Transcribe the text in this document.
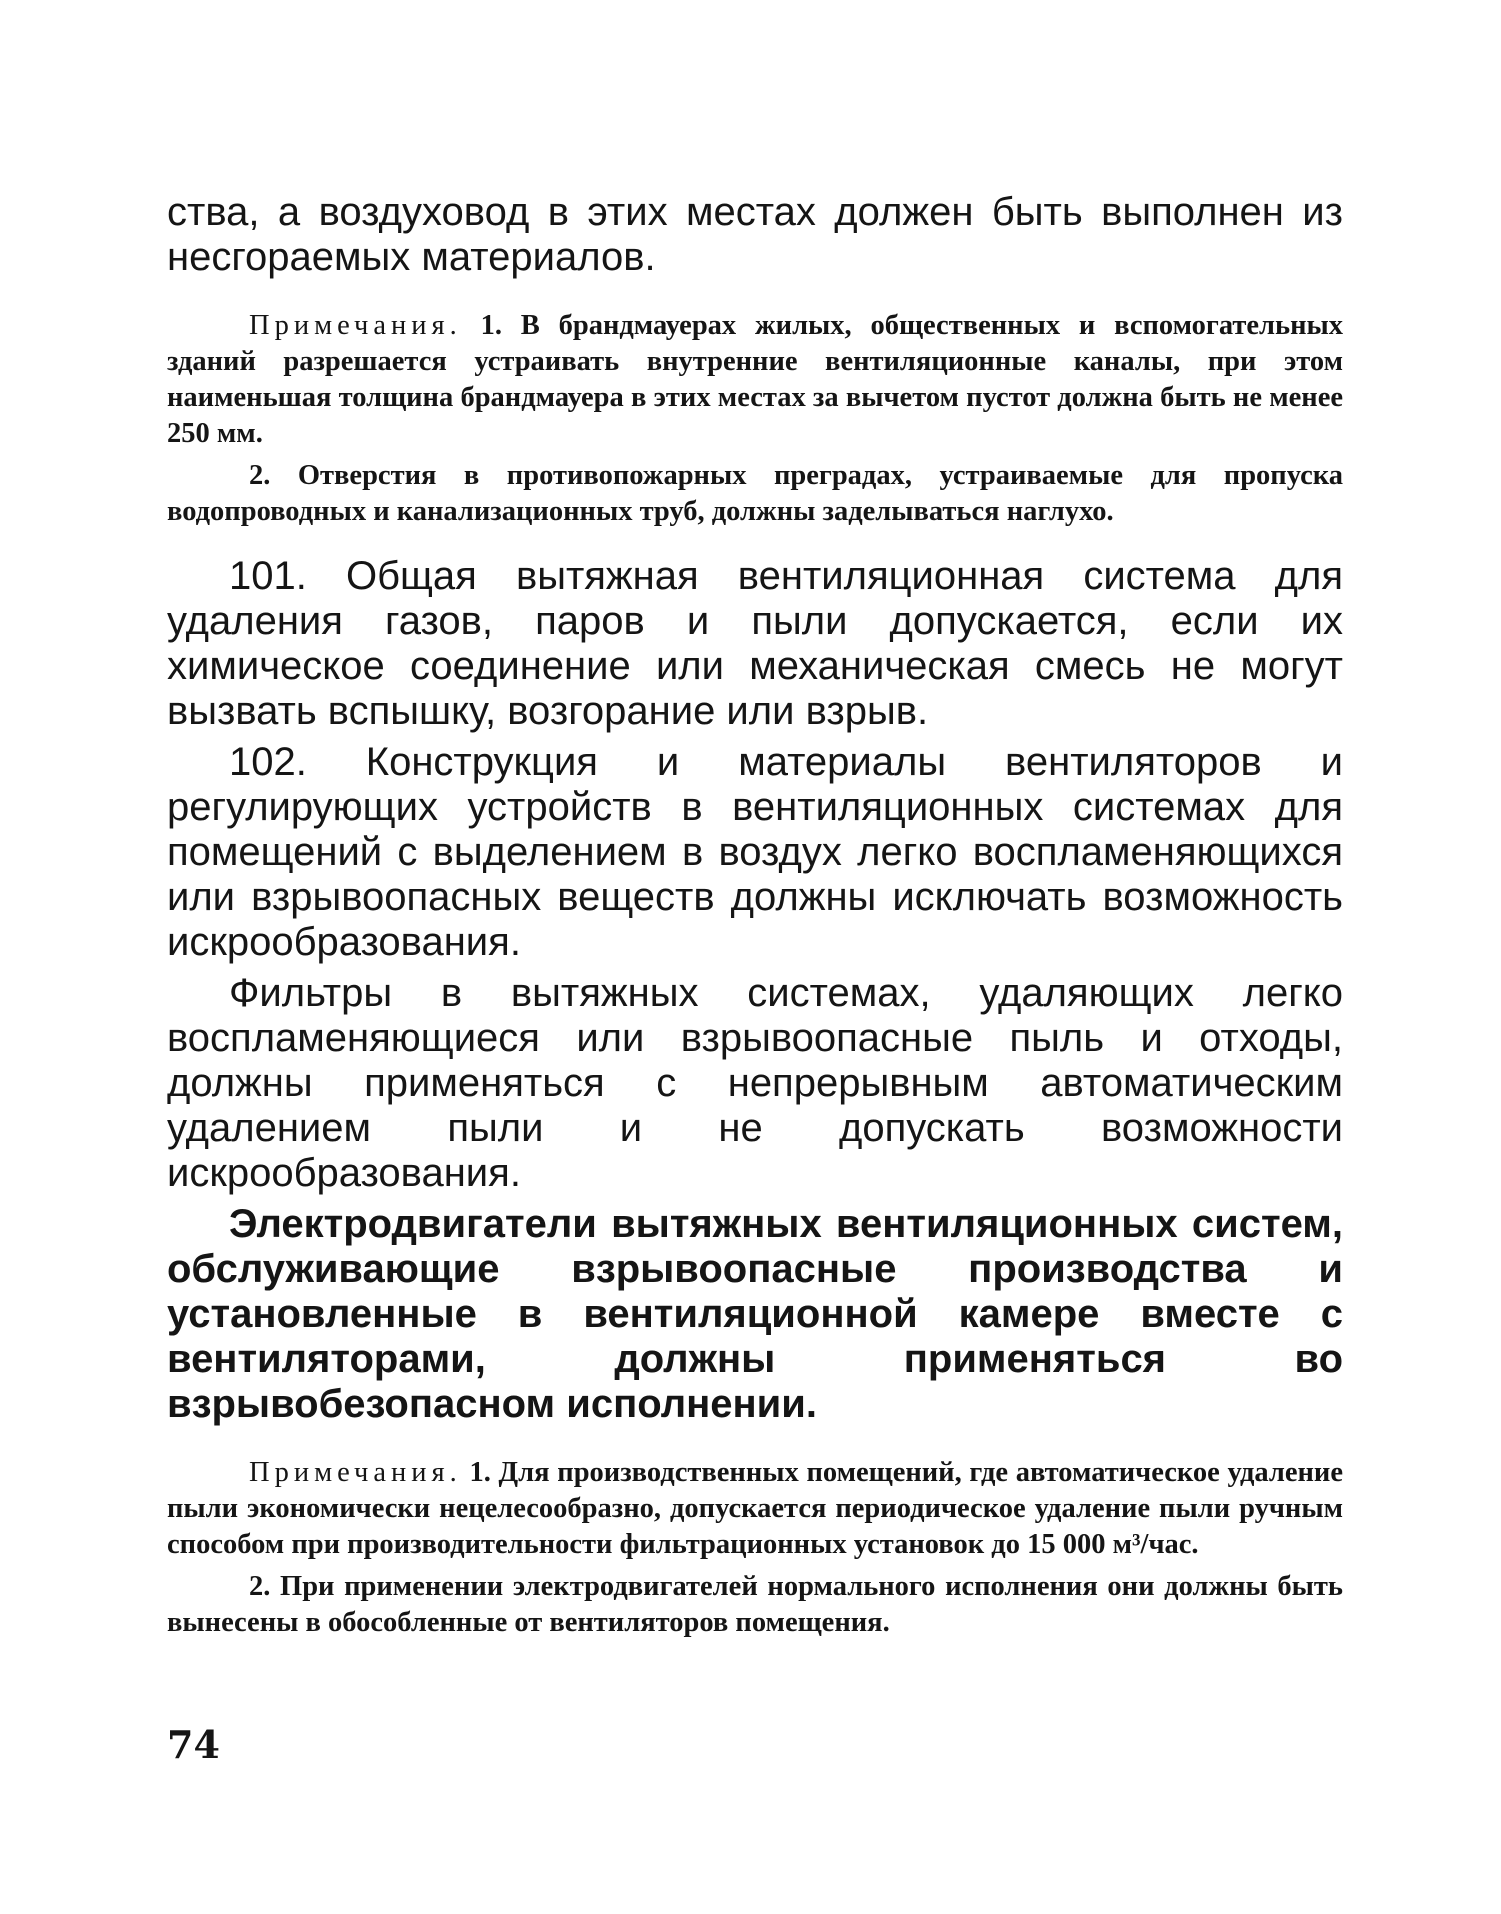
ства, а воздуховод в этих местах должен быть выполнен из несгораемых материалов.

Примечания. 1. В брандмауерах жилых, общественных и вспомогательных зданий разрешается устраивать внутренние вентиляционные каналы, при этом наименьшая толщина брандмауера в этих местах за вычетом пустот должна быть не менее 250 мм.

2. Отверстия в противопожарных преградах, устраиваемые для пропуска водопроводных и канализационных труб, должны заделываться наглухо.

101. Общая вытяжная вентиляционная система для удаления газов, паров и пыли допускается, если их химическое соединение или механическая смесь не могут вызвать вспышку, возгорание или взрыв.

102. Конструкция и материалы вентиляторов и регулирующих устройств в вентиляционных системах для помещений с выделением в воздух легко воспламеняющихся или взрывоопасных веществ должны исключать возможность искрообразования.

Фильтры в вытяжных системах, удаляющих легко воспламеняющиеся или взрывоопасные пыль и отходы, должны применяться с непрерывным автоматическим удалением пыли и не допускать возможности искрообразования.

Электродвигатели вытяжных вентиляционных систем, обслуживающие взрывоопасные производства и установленные в вентиляционной камере вместе с вентиляторами, должны применяться во взрывобезопасном исполнении.

Примечания. 1. Для производственных помещений, где автоматическое удаление пыли экономически нецелесообразно, допускается периодическое удаление пыли ручным способом при производительности фильтрационных установок до 15 000 м³/час.

2. При применении электродвигателей нормального исполнения они должны быть вынесены в обособленные от вентиляторов помещения.

74
